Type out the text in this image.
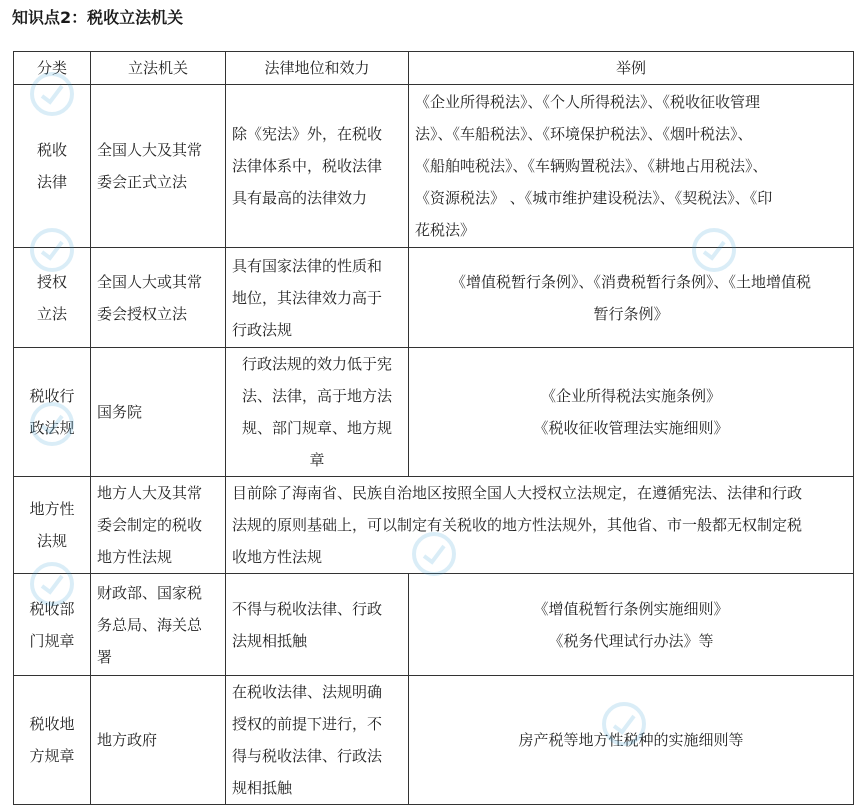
知识点2：税收立法机关
分类	立法机关	法律地位和效力	举例

税收
法律	全国人大及其常
委会正式立法	除《宪法》外，在税收
法律体系中，税收法律
具有最高的法律效力	《企业所得税法》、《个人所得税法》、《税收征收管理
法》、《车船税法》、《环境保护税法》、《烟叶税法》、
《船舶吨税法》、《车辆购置税法》、《耕地占用税法》、
《资源税法》 、《城市维护建设税法》、《契税法》、《印
花税法》

授权
立法	全国人大或其常
委会授权立法	具有国家法律的性质和
地位，其法律效力高于
行政法规	《增值税暂行条例》、《消费税暂行条例》、《土地增值税
暂行条例》

税收行
政法规	国务院	行政法规的效力低于宪
法、法律，高于地方法
规、部门规章、地方规
章	《企业所得税法实施条例》
《税收征收管理法实施细则》

地方性
法规	地方人大及其常
委会制定的税收
地方性法规	目前除了海南省、民族自治地区按照全国人大授权立法规定，在遵循宪法、法律和行政
法规的原则基础上，可以制定有关税收的地方性法规外，其他省、市一般都无权制定税
收地方性法规	

税收部
门规章	财政部、国家税
务总局、海关总
署	不得与税收法律、行政
法规相抵触	《增值税暂行条例实施细则》
《税务代理试行办法》等

税收地
方规章	地方政府	在税收法律、法规明确
授权的前提下进行，不
得与税收法律、行政法
规相抵触	房产税等地方性税种的实施细则等
